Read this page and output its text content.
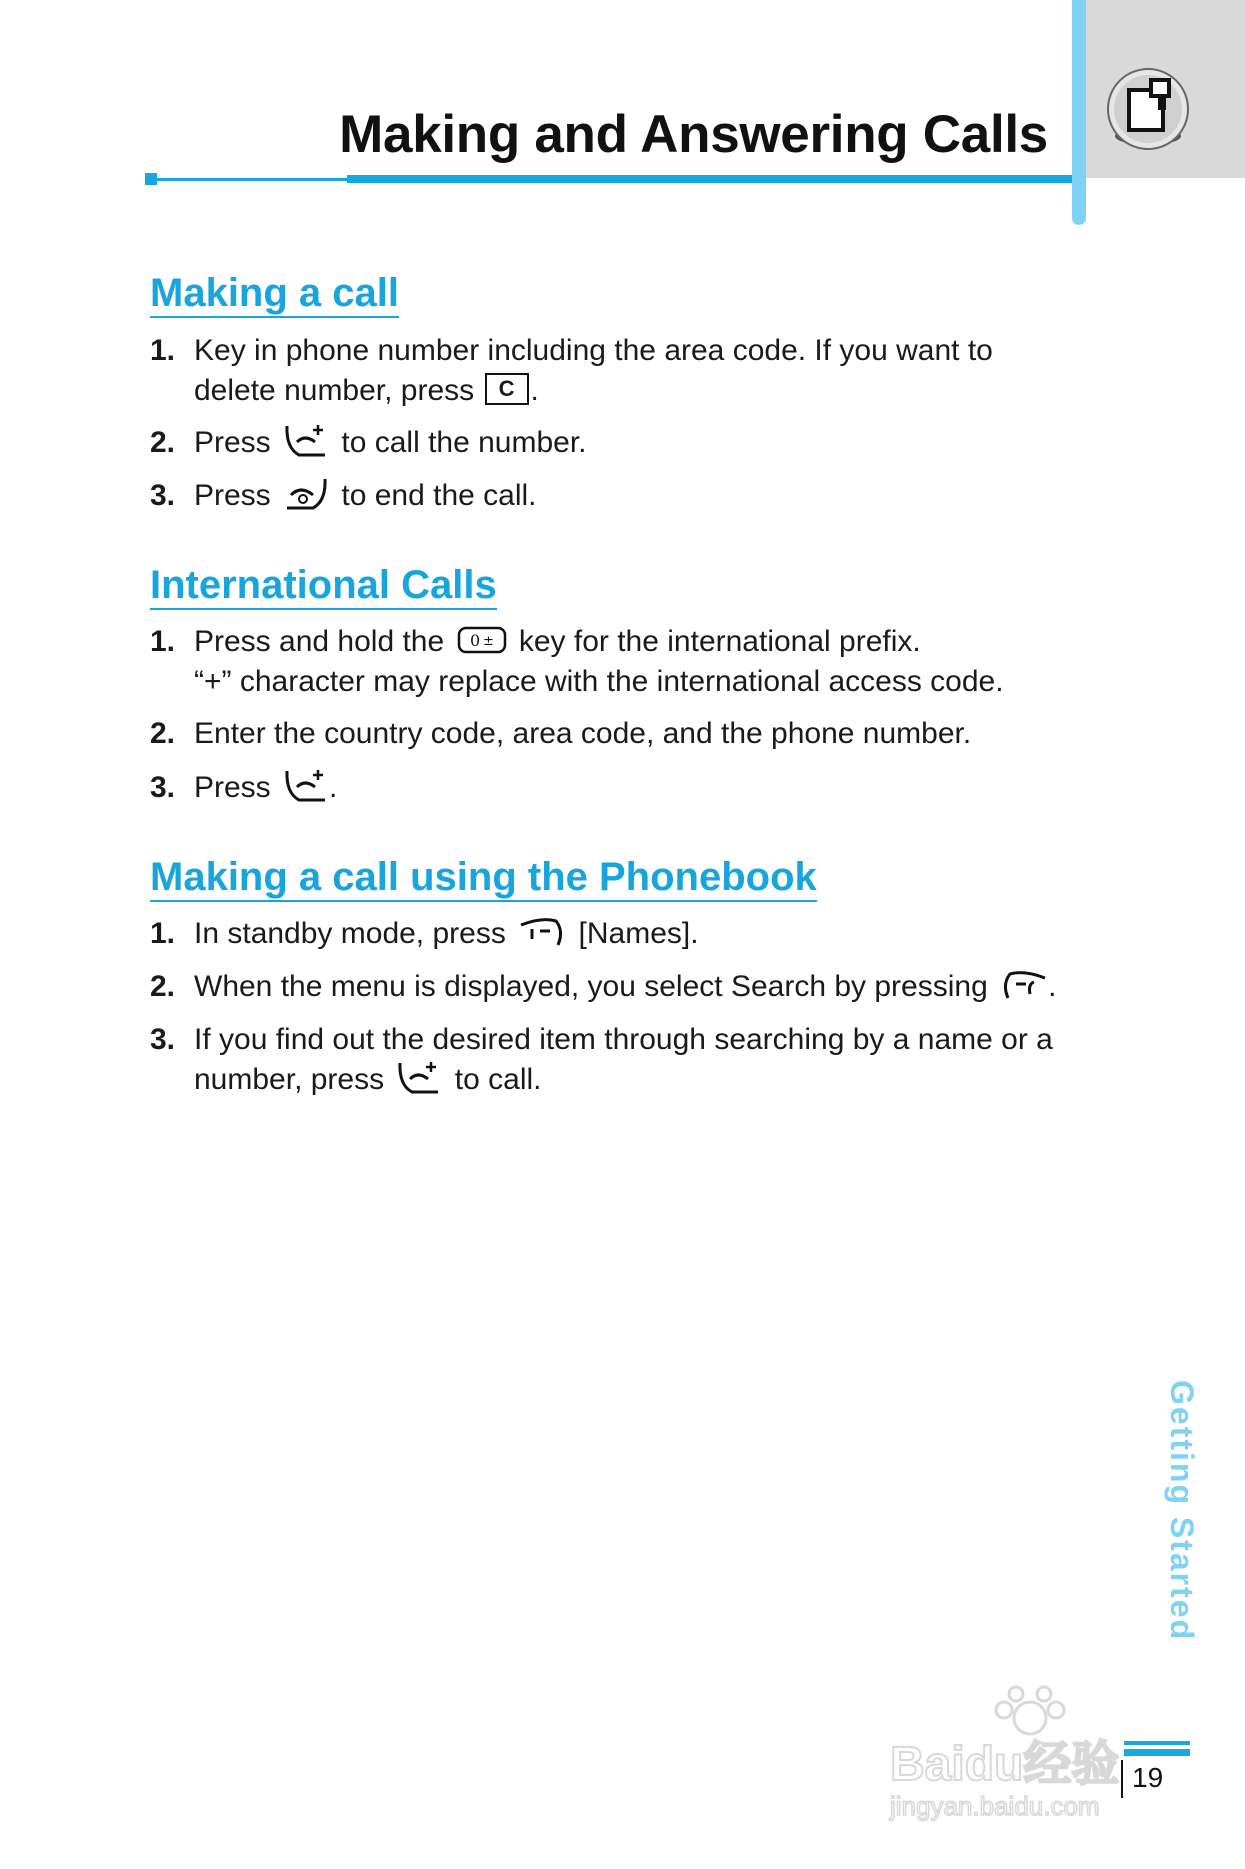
Making and Answering Calls
Making a call
1. Key in phone number including the area code. If you want to
delete number, press C .
2. Press to call the number.
3. Press to end the call.
International Calls
1. Press and hold the 0 ± key for the international prefix.
“+” character may replace with the international access code.
2. Enter the country code, area code, and the phone number.
3. Press .
Making a call using the Phonebook
1. In standby mode, press [Names].
2. When the menu is displayed, you select Search by pressing .
3. If you find out the desired item through searching by a name or a
number, press to call.
Getting Started
19
Baidu经验
jingyan.baidu.com
